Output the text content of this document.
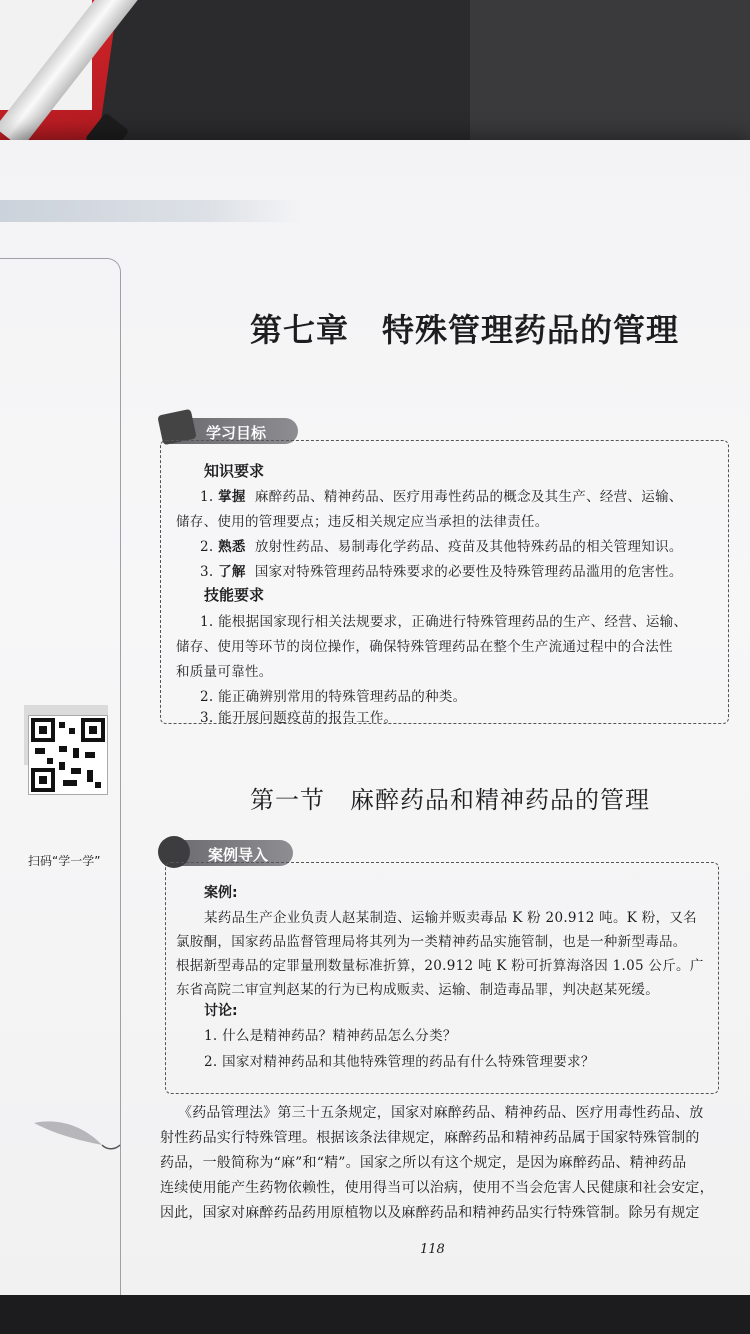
第七章　特殊管理药品的管理
学习目标
知识要求
1. 掌握 麻醉药品、精神药品、医疗用毒性药品的概念及其生产、经营、运输、
储存、使用的管理要点；违反相关规定应当承担的法律责任。
2. 熟悉 放射性药品、易制毒化学药品、疫苗及其他特殊药品的相关管理知识。
3. 了解 国家对特殊管理药品特殊要求的必要性及特殊管理药品滥用的危害性。
技能要求
1. 能根据国家现行相关法规要求，正确进行特殊管理药品的生产、经营、运输、
储存、使用等环节的岗位操作，确保特殊管理药品在整个生产流通过程中的合法性
和质量可靠性。
2. 能正确辨别常用的特殊管理药品的种类。
3. 能开展问题疫苗的报告工作。
第一节　麻醉药品和精神药品的管理
案例导入
案例:
某药品生产企业负责人赵某制造、运输并贩卖毒品 K 粉 20.912 吨。K 粉，又名
氯胺酮，国家药品监督管理局将其列为一类精神药品实施管制，也是一种新型毒品。
根据新型毒品的定罪量刑数量标准折算，20.912 吨 K 粉可折算海洛因 1.05 公斤。广
东省高院二审宣判赵某的行为已构成贩卖、运输、制造毒品罪，判决赵某死缓。
讨论:
1. 什么是精神药品？精神药品怎么分类？
2. 国家对精神药品和其他特殊管理的药品有什么特殊管理要求？
《药品管理法》第三十五条规定，国家对麻醉药品、精神药品、医疗用毒性药品、放
射性药品实行特殊管理。根据该条法律规定，麻醉药品和精神药品属于国家特殊管制的
药品，一般简称为“麻”和“精”。国家之所以有这个规定，是因为麻醉药品、精神药品
连续使用能产生药物依赖性，使用得当可以治病，使用不当会危害人民健康和社会安定，
因此，国家对麻醉药品药用原植物以及麻醉药品和精神药品实行特殊管制。除另有规定
扫码“学一学”
118
